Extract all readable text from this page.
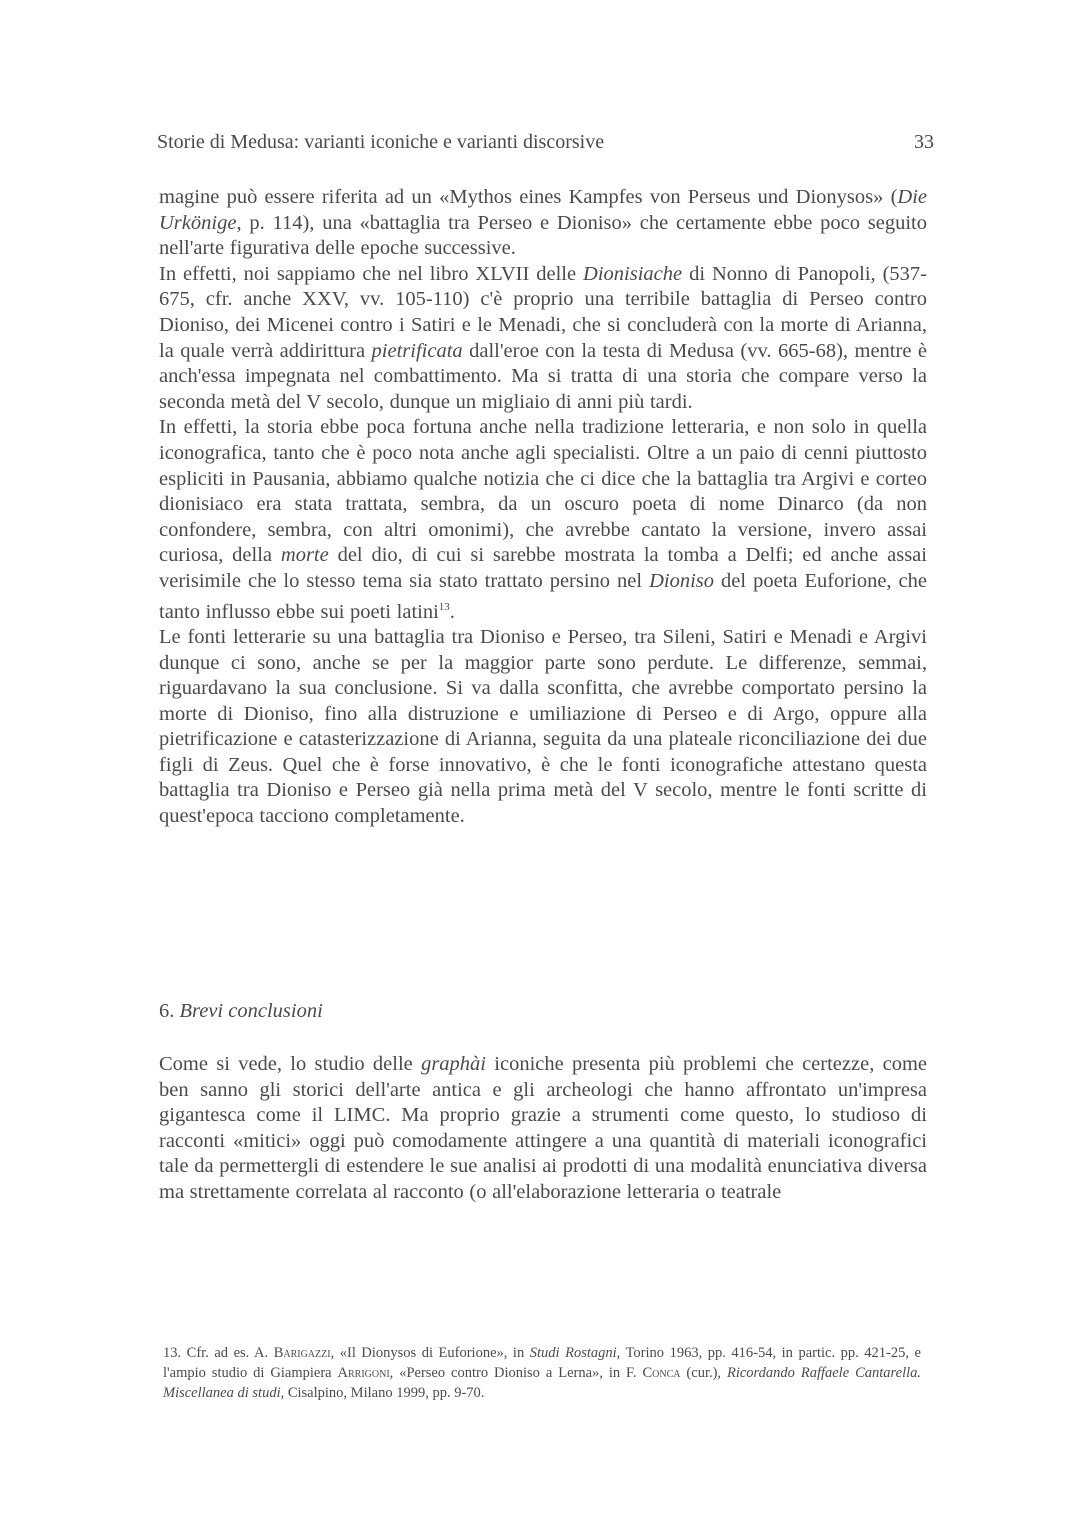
Storie di Medusa: varianti iconiche e varianti discorsive	33

magine può essere riferita ad un «Mythos eines Kampfes von Perseus und Dionysos» (Die Urkönige, p. 114), una «battaglia tra Perseo e Dioniso» che certamente ebbe poco seguito nell'arte figurativa delle epoche successive.

In effetti, noi sappiamo che nel libro XLVII delle Dionisiache di Nonno di Panopoli, (537-675, cfr. anche XXV, vv. 105-110) c'è proprio una terribile battaglia di Perseo contro Dioniso, dei Micenei contro i Satiri e le Menadi, che si concluderà con la morte di Arianna, la quale verrà addirittura pietrificata dall'eroe con la testa di Medusa (vv. 665-68), mentre è anch'essa impegnata nel combattimento. Ma si tratta di una storia che compare verso la seconda metà del V secolo, dunque un migliaio di anni più tardi.

In effetti, la storia ebbe poca fortuna anche nella tradizione letteraria, e non solo in quella iconografica, tanto che è poco nota anche agli specialisti. Oltre a un paio di cenni piuttosto espliciti in Pausania, abbiamo qualche notizia che ci dice che la battaglia tra Argivi e corteo dionisiaco era stata trattata, sembra, da un oscuro poeta di nome Dinarco (da non confondere, sembra, con altri omonimi), che avrebbe cantato la versione, invero assai curiosa, della morte del dio, di cui si sarebbe mostrata la tomba a Delfi; ed anche assai verisimile che lo stesso tema sia stato trattato persino nel Dioniso del poeta Euforione, che tanto influsso ebbe sui poeti latini$^{13}$.

Le fonti letterarie su una battaglia tra Dioniso e Perseo, tra Sileni, Satiri e Menadi e Argivi dunque ci sono, anche se per la maggior parte sono perdute. Le differenze, semmai, riguardavano la sua conclusione. Si va dalla sconfitta, che avrebbe comportato persino la morte di Dioniso, fino alla distruzione e umiliazione di Perseo e di Argo, oppure alla pietrificazione e catasterizzazione di Arianna, seguita da una plateale riconciliazione dei due figli di Zeus. Quel che è forse innovativo, è che le fonti iconografiche attestano questa battaglia tra Dioniso e Perseo già nella prima metà del V secolo, mentre le fonti scritte di quest'epoca tacciono completamente.

6. Brevi conclusioni

Come si vede, lo studio delle graphài iconiche presenta più problemi che certezze, come ben sanno gli storici dell'arte antica e gli archeologi che hanno affrontato un'impresa gigantesca come il LIMC. Ma proprio grazie a strumenti come questo, lo studioso di racconti «mitici» oggi può comodamente attingere a una quantità di materiali iconografici tale da permettergli di estendere le sue analisi ai prodotti di una modalità enunciativa diversa ma strettamente correlata al racconto (o all'elaborazione letteraria o teatrale

13. Cfr. ad es. A. Barigazzi, «Il Dionysos di Euforione», in Studi Rostagni, Torino 1963, pp. 416-54, in partic. pp. 421-25, e l'ampio studio di Giampiera Arrigoni, «Perseo contro Dioniso a Lerna», in F. Conca (cur.), Ricordando Raffaele Cantarella. Miscellanea di studi, Cisalpino, Milano 1999, pp. 9-70.
